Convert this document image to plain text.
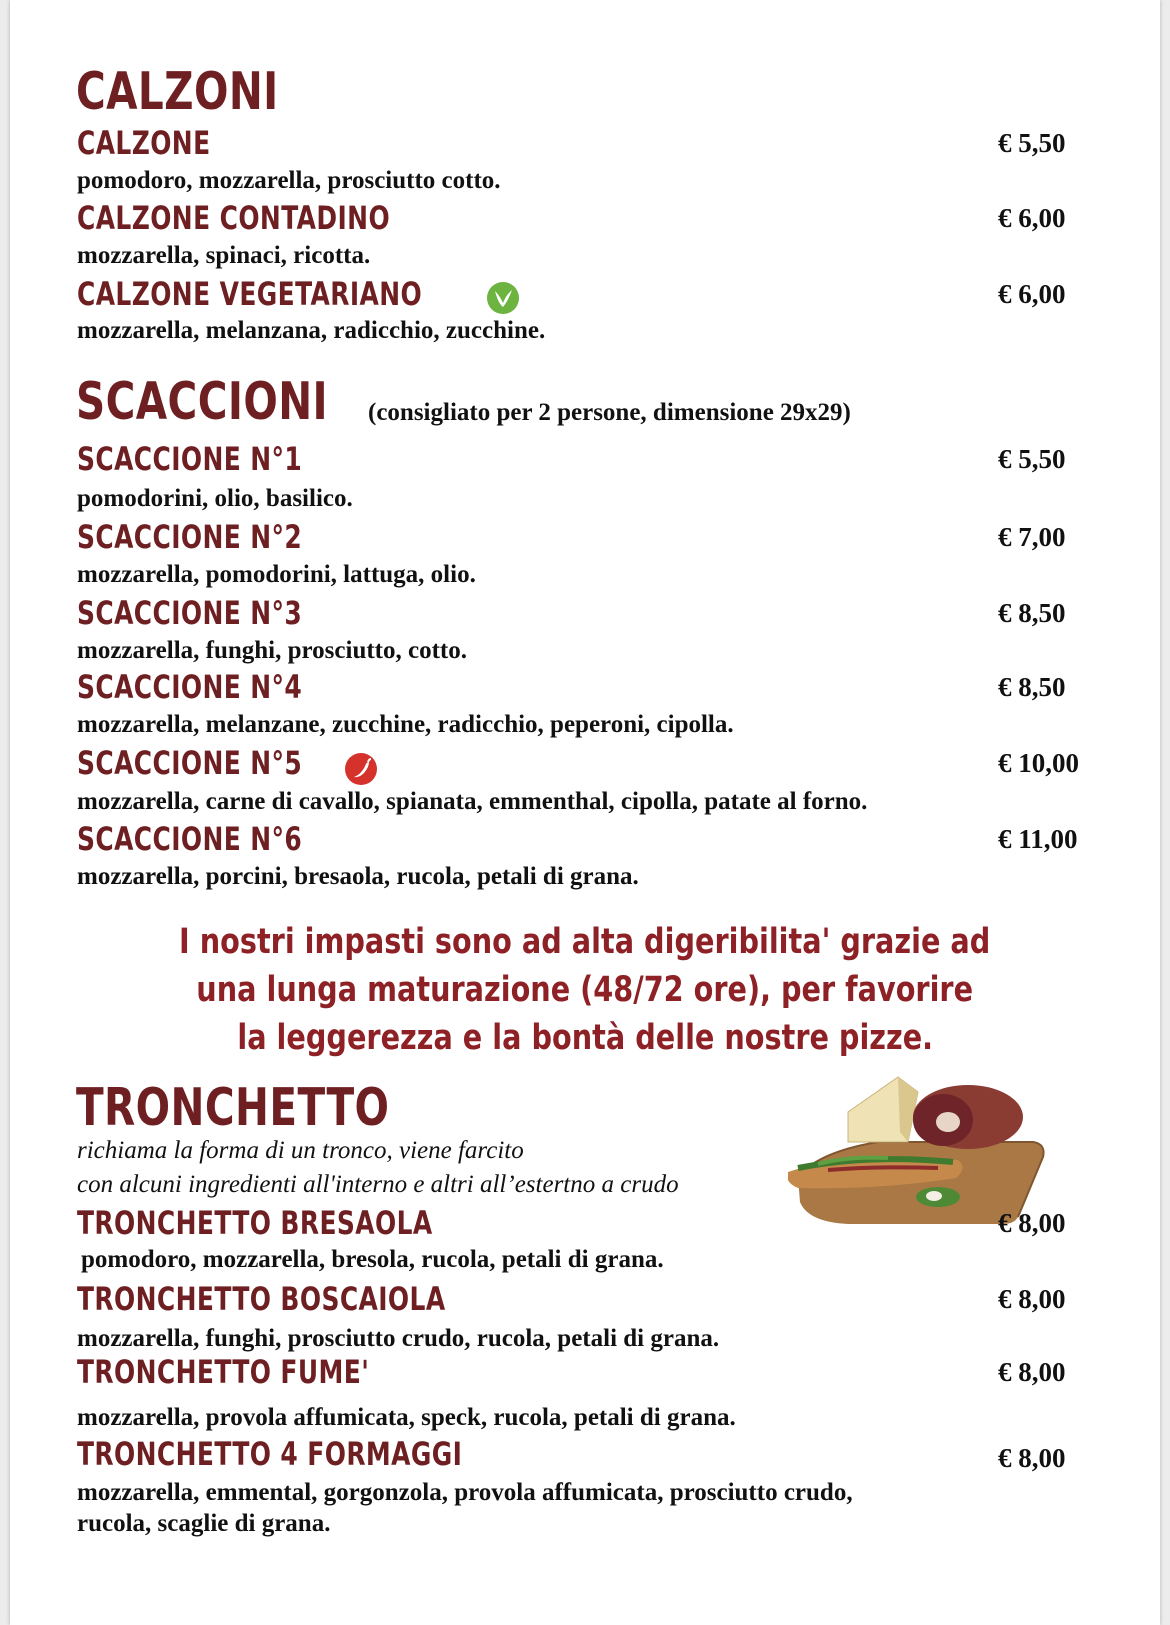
CALZONI
CALZONE	€ 5,50
pomodoro, mozzarella, prosciutto cotto.
CALZONE CONTADINO	€ 6,00
mozzarella, spinaci, ricotta.
CALZONE VEGETARIANO	€ 6,00
mozzarella, melanzana, radicchio, zucchine.
SCACCIONI (consigliato per 2 persone, dimensione 29x29)
SCACCIONE N°1	€ 5,50
pomodorini, olio, basilico.
SCACCIONE N°2	€ 7,00
mozzarella, pomodorini, lattuga, olio.
SCACCIONE N°3	€ 8,50
mozzarella, funghi, prosciutto, cotto.
SCACCIONE N°4	€ 8,50
mozzarella, melanzane, zucchine, radicchio, peperoni, cipolla.
SCACCIONE N°5	€ 10,00
mozzarella, carne di cavallo, spianata, emmenthal, cipolla, patate al forno.
SCACCIONE N°6	€ 11,00
mozzarella, porcini, bresaola, rucola, petali di grana.
I nostri impasti sono ad alta digeribilita' grazie ad
una lunga maturazione (48/72 ore), per favorire
la leggerezza e la bontà delle nostre pizze.
TRONCHETTO
richiama la forma di un tronco, viene farcito
con alcuni ingredienti all'interno e altri all’estertno a crudo
TRONCHETTO BRESAOLA	€ 8,00
pomodoro, mozzarella, bresola, rucola, petali di grana.
TRONCHETTO BOSCAIOLA	€ 8,00
mozzarella, funghi, prosciutto crudo, rucola, petali di grana.
TRONCHETTO FUME'	€ 8,00
mozzarella, provola affumicata, speck, rucola, petali di grana.
TRONCHETTO 4 FORMAGGI	€ 8,00
mozzarella, emmental, gorgonzola, provola affumicata, prosciutto crudo,
rucola, scaglie di grana.
